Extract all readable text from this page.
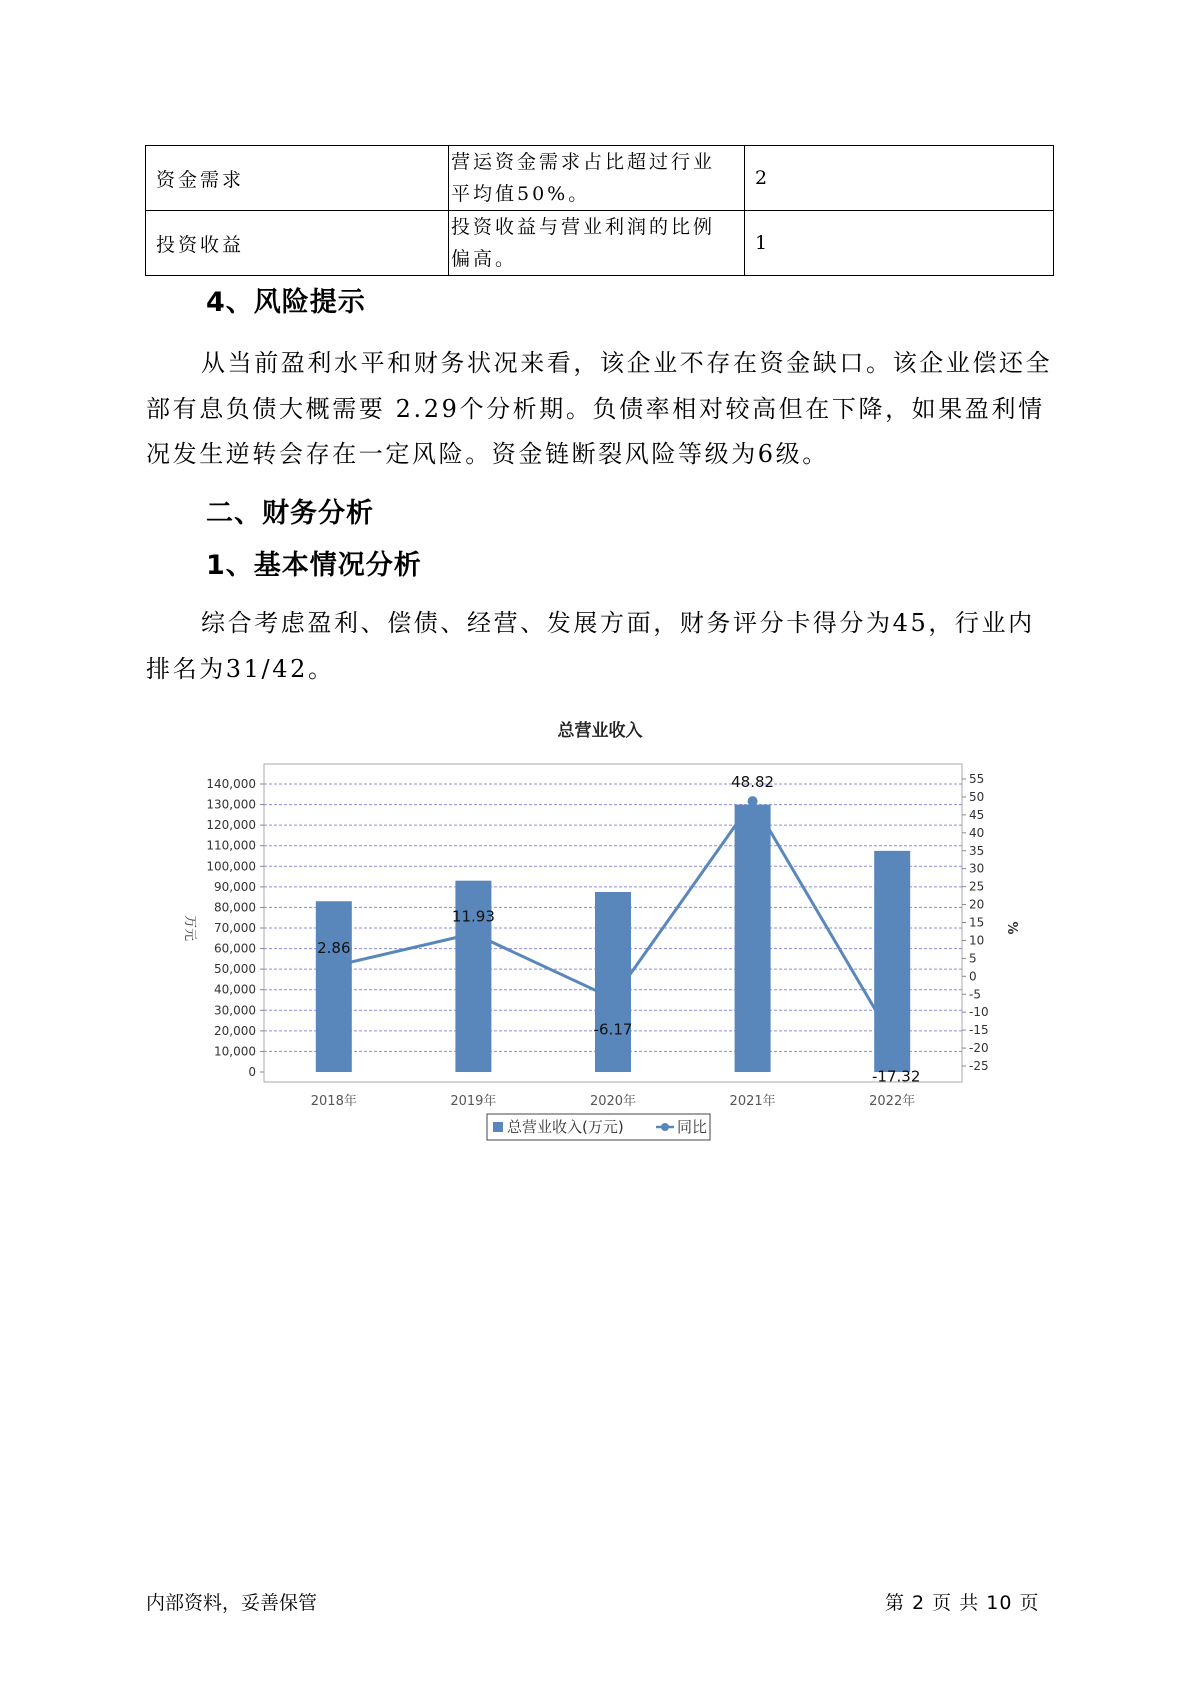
资金需求	营运资金需求占比超过行业平均值50%。	2
投资收益	投资收益与营业利润的比例偏高。	1
4、风险提示
从当前盈利水平和财务状况来看，该企业不存在资金缺口。该企业偿还全部有息负债大概需要 2.29个分析期。负债率相对较高但在下降，如果盈利情况发生逆转会存在一定风险。资金链断裂风险等级为6级。
二、财务分析
1、基本情况分析
综合考虑盈利、偿债、经营、发展方面，财务评分卡得分为45，行业内排名为31/42。
总营业收入
2.86
11.93
-6.17
48.82
-17.32
0
10,000
20,000
30,000
40,000
50,000
60,000
70,000
80,000
90,000
100,000
110,000
120,000
130,000
140,000
-25
-20
-15
-10
-5
0
5
10
15
20
25
30
35
40
45
50
55
2018年	2019年	2020年	2021年	2022年
万元	%
总营业收入(万元)	同比
内部资料，妥善保管	第 2 页 共 10 页
